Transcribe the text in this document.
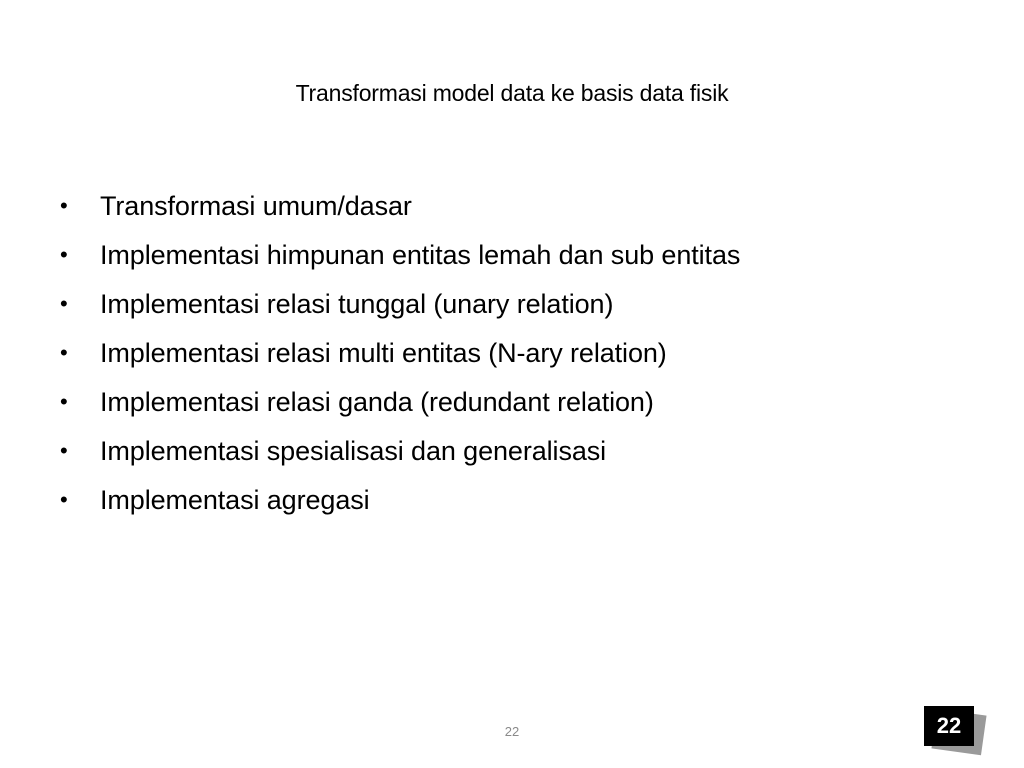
Transformasi model data ke basis data fisik
•	Transformasi umum/dasar
•	Implementasi himpunan entitas lemah dan sub entitas
•	Implementasi relasi tunggal (unary relation)
•	Implementasi relasi multi entitas (N-ary relation)
•	Implementasi relasi ganda (redundant relation)
•	Implementasi spesialisasi dan generalisasi
•	Implementasi agregasi
22	22
